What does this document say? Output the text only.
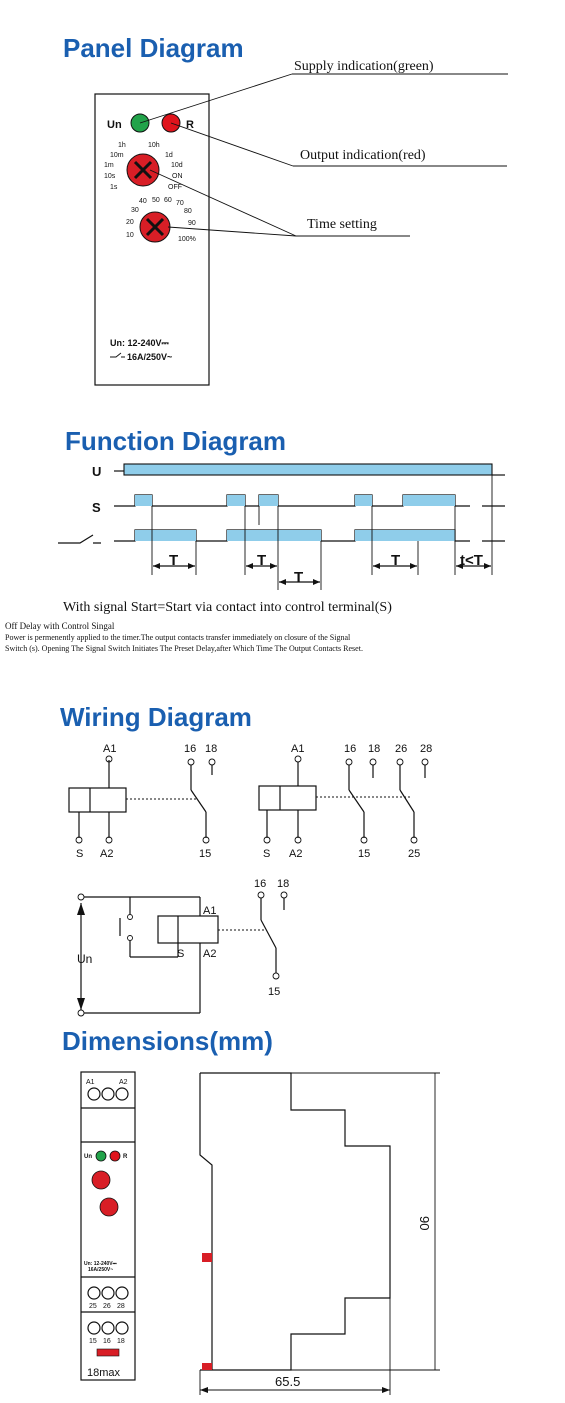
Panel Diagram
Un	R
1h	10h
10m	1d
1m	10d
10s	ON
1s	OFF
40 50 60 70
30	80
20	90
10
100%
Un: 12-240V⎓
16A/250V~
Supply indication(green)
Output indication(red)
Time setting
Function Diagram
U
S
T	T
T
T	t<T
With signal Start=Start via contact into control terminal(S)
Off Delay with Control Singal
Power is permenently applied to the timer.The output contacts transfer immediately on closure of the Signal
Switch (s). Opening The Signal Switch Initiates The Preset Delay,after Which Time The Output Contacts Reset.
Wiring Diagram
A1	16 18
S A2	15
A1	16 18 26 28
S A2	15	25
Un
A1
A2
S
16 18
15
Dimensions(mm)
A1	A2
Un	R
Un: 12-240V⎓
16A/250V~
25 26 28
15 16 18
18max
90
65.5
